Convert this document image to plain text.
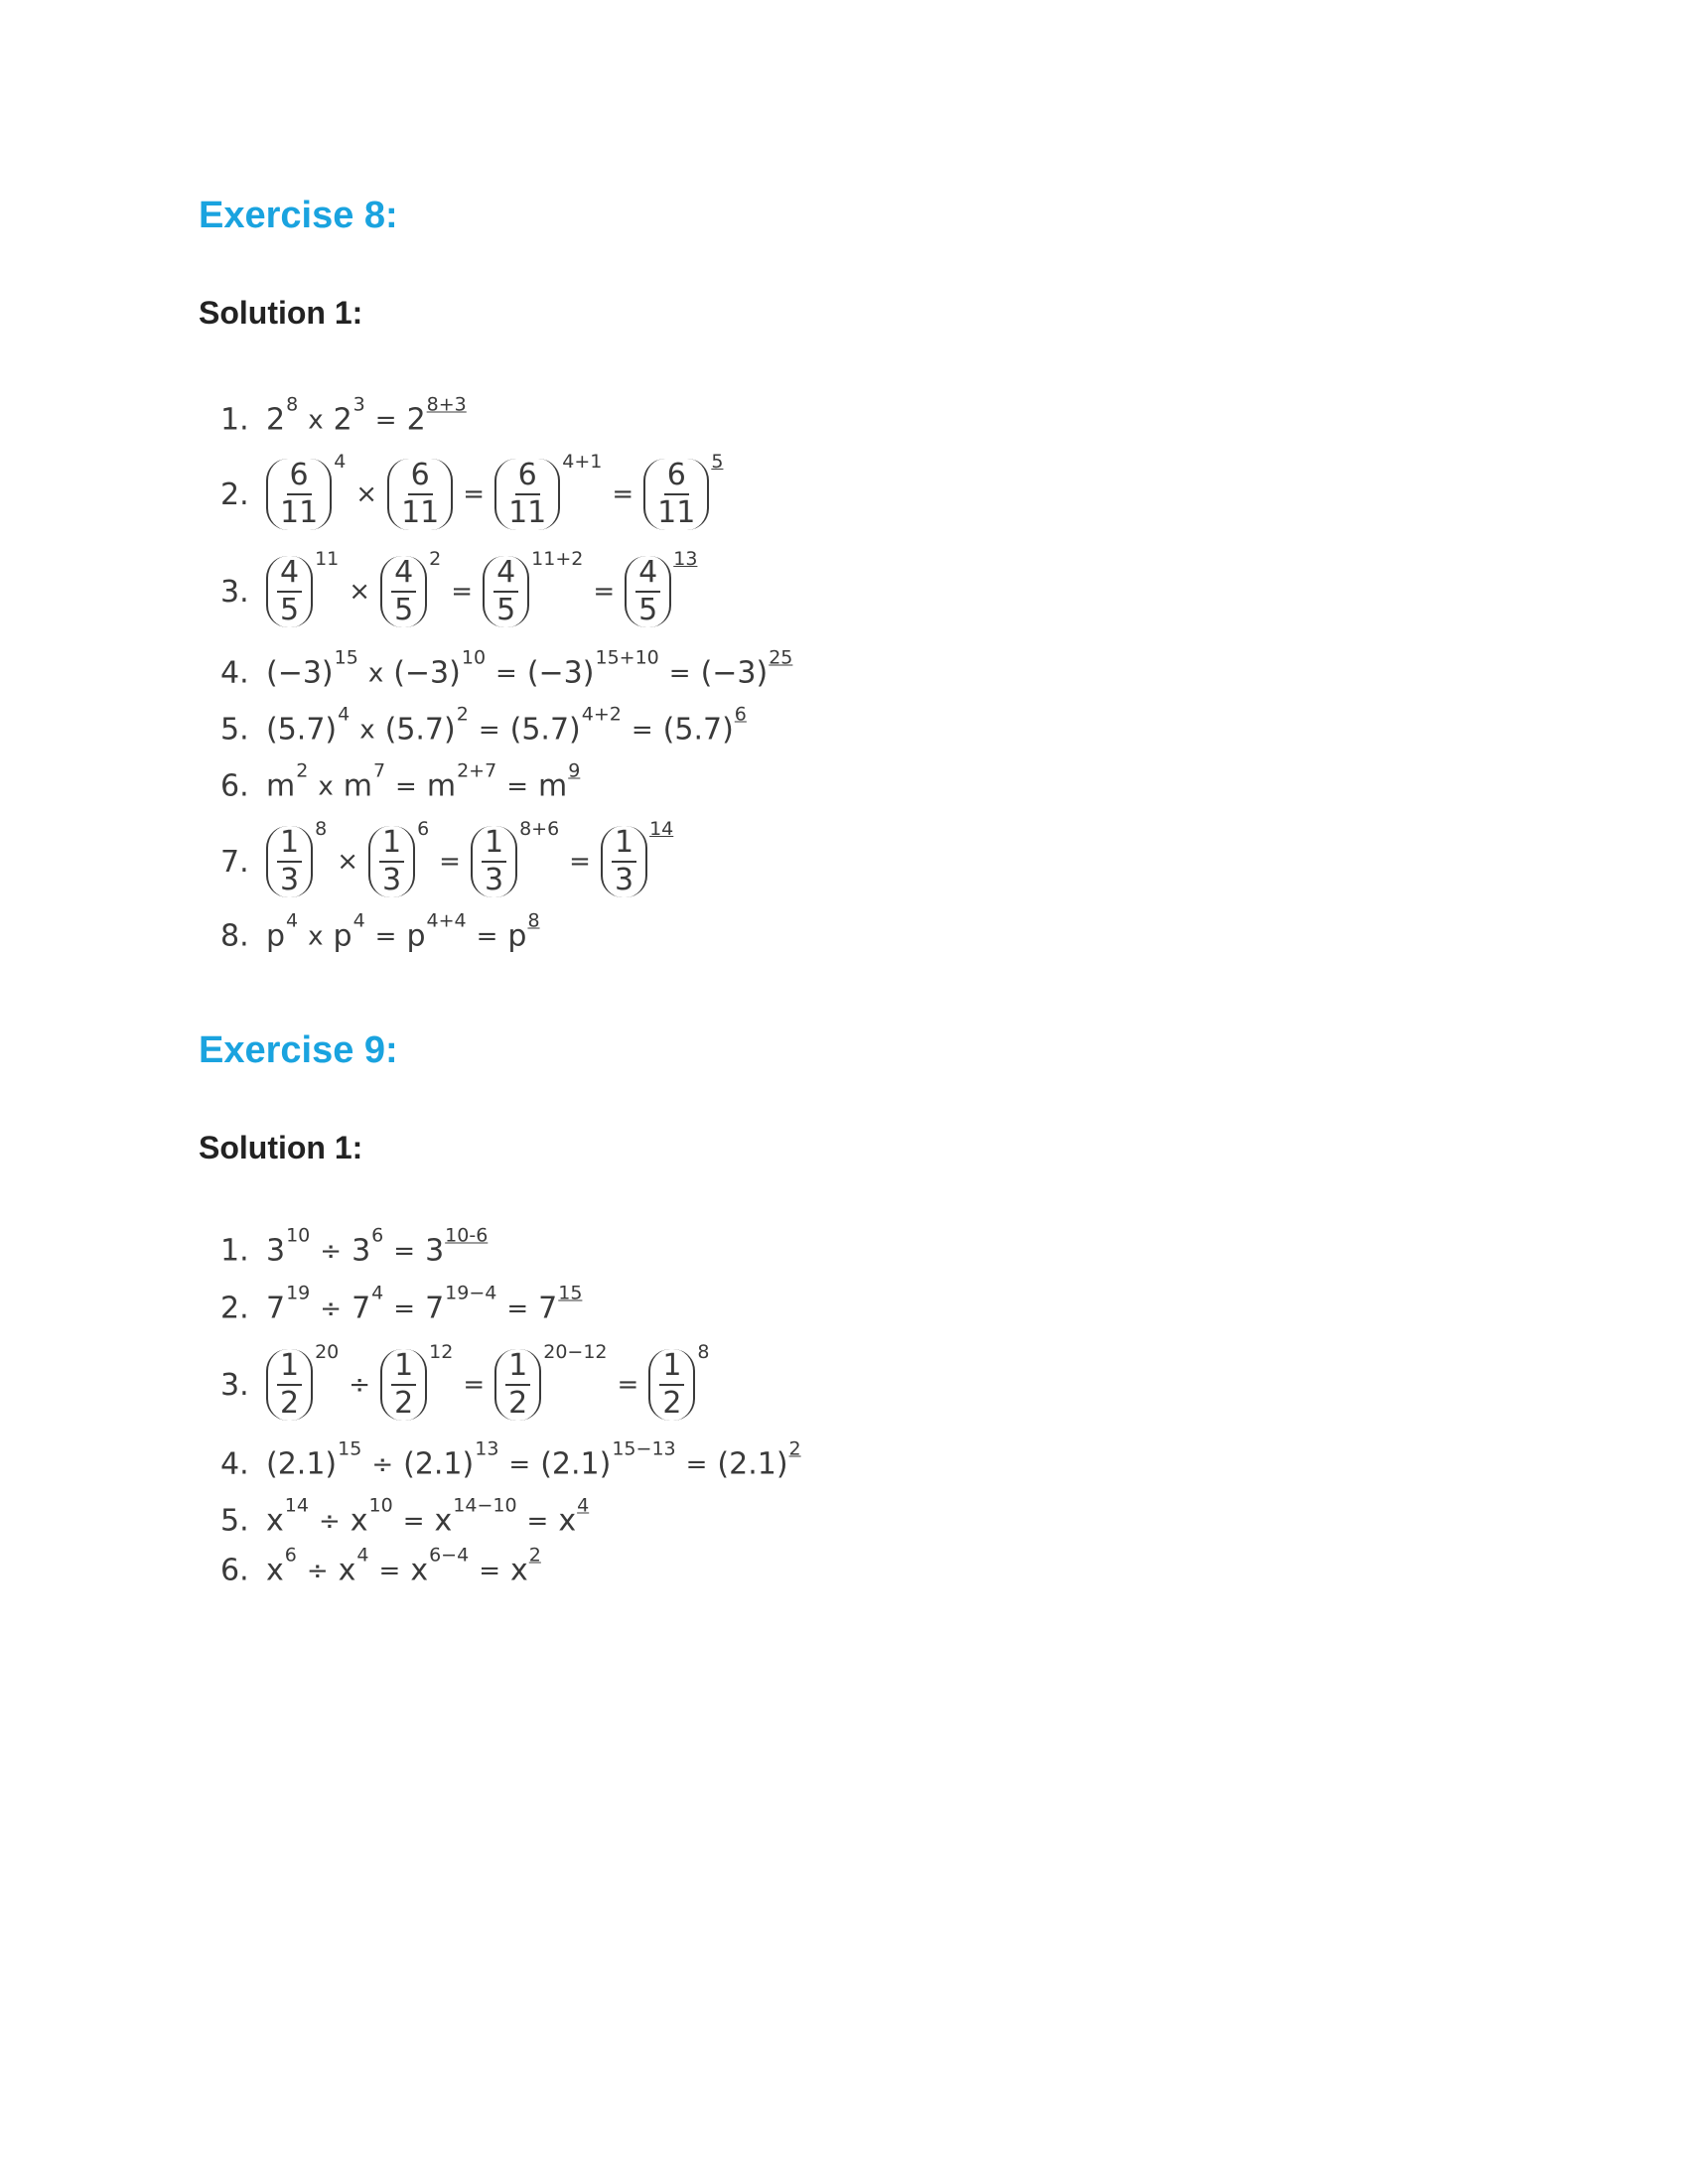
Exercise 8:
Solution 1:
1. $2^8$
x $2^3$
= $2^{8+3}$
2. $\frac{6}{11} ^4$
× $\frac{6}{11} = \frac{6}{11} ^{4+1}$
= $\frac{6}{11} ^5$
3. $\frac{4}{5} ^{11}$
× $\frac{4}{5} ^2$
= $\frac{4}{5} ^{11+2}$
= $\frac{4}{5} ^{13}$
4. $(-3)^{15}$
x $(-3)^{10}$
= $(-3)^{15+10}$
= $(-3)^{25}$
5. $(5.7)^4$
x $(5.7)^2$
= $(5.7)^{4+2}$
= $(5.7)^6$
6. $m^2$
x $m^7$
= $m^{2+7}$
= $m^9$
7. $\frac{1}{3} ^8$
× $\frac{1}{3} ^6$
= $\frac{1}{3} ^{8+6}$
= $\frac{1}{3} ^{14}$
8. $p^4$
x $p^4$
= $p^{4+4}$
= $p^8$
Exercise 9:
Solution 1:
1. $3^{10}$
÷ $3^6$
= $3^{10-6}$
2. $7^{19}$
÷ $7^4$
= $7^{19-4}$
= $7^{15}$
3. $\frac{1}{2} ^{20}$
÷ $\frac{1}{2} ^{12}$
= $\frac{1}{2} ^{20-12}$
= $\frac{1}{2} ^8$
4. $(2.1)^{15}$
÷ $(2.1)^{13}$
= $(2.1)^{15-13}$
= $(2.1)^2$
5. $x^{14}$
÷ $x^{10}$
= $x^{14-10}$
= $x^4$
6. $x^6$
÷ $x^4$
= $x^{6-4}$
= $x^2$
